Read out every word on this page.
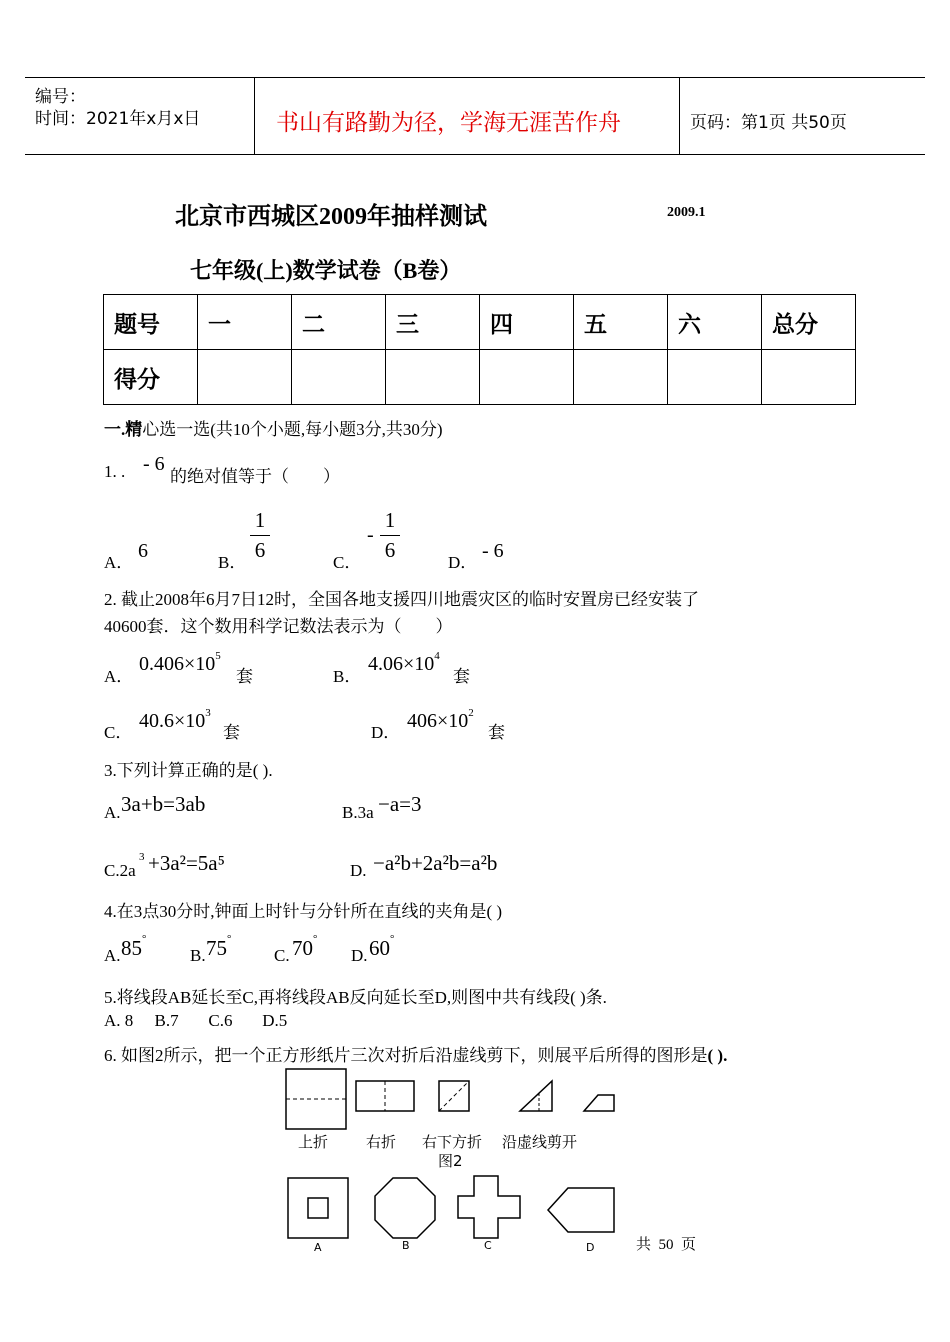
编号：
时间：2021年x月x日	书山有路勤为径，学海无涯苦作舟	页码：第1页 共50页
北京市西城区2009年抽样测试	2009.1
七年级(上)数学试卷（B卷）
题号	一	二	三	四	五	六	总分
得分							
一.精心选一选(共10个小题,每小题3分,共30分)
1. . - 6
的绝对值等于（　　）
A．
6
B．
1
6
C．
-
1
6
D．
- 6
2. 截止2008年6月7日12时，全国各地支援四川地震灾区的临时安置房已经安装了
40600套．这个数用科学记数法表示为（　　）
A．
$0.406\times 10^5$
套	B．
$4.06\times 10^4$
套
C．
$40.6\times 10^3$
套	D．
$406\times 10^2$
套
3.下列计算正确的是( ).
A. 3a+b=3ab	B.3a −a=3
C.2a
3 +3a²=5a⁵	D. −a²b+2a²b=a²b
4.在3点30分时,钟面上时针与分针所在直线的夹角是( )
A. 85°
B. 75°
C. 70°
D. 60°
5.将线段AB延长至C,再将线段AB反向延长至D,则图中共有线段( )条.
A. 8     B.7       C.6       D.5
6. 如图2所示，把一个正方形纸片三次对折后沿虚线剪下，则展平后所得的图形是( ).
上折	右折 右下方折 沿虚线剪开
图2
A	B	C	D	共  50  页
